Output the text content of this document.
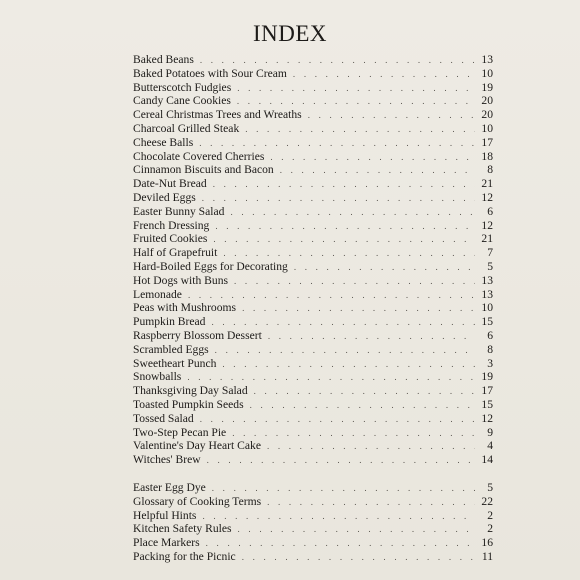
INDEX
Baked Beans . . .	13
Baked Potatoes with Sour Cream . . .	10
Butterscotch Fudgies . . .	19
Candy Cane Cookies . . .	20
Cereal Christmas Trees and Wreaths . . .	20
Charcoal Grilled Steak . . .	10
Cheese Balls . . .	17
Chocolate Covered Cherries . . .	18
Cinnamon Biscuits and Bacon . . .	8
Date-Nut Bread . . .	21
Deviled Eggs . . .	12
Easter Bunny Salad . . .	6
French Dressing . . .	12
Fruited Cookies . . .	21
Half of Grapefruit . . .	7
Hard-Boiled Eggs for Decorating . . .	5
Hot Dogs with Buns . . .	13
Lemonade . . .	13
Peas with Mushrooms . . .	10
Pumpkin Bread . . .	15
Raspberry Blossom Dessert . . .	6
Scrambled Eggs . . .	8
Sweetheart Punch . . .	3
Snowballs . . .	19
Thanksgiving Day Salad . . .	17
Toasted Pumpkin Seeds . . .	15
Tossed Salad . . .	12
Two-Step Pecan Pie . . .	9
Valentine's Day Heart Cake . . .	4
Witches' Brew . . .	14
Easter Egg Dye . . .	5
Glossary of Cooking Terms . . .	22
Helpful Hints . . .	2
Kitchen Safety Rules . . .	2
Place Markers . . .	16
Packing for the Picnic . . .	11
